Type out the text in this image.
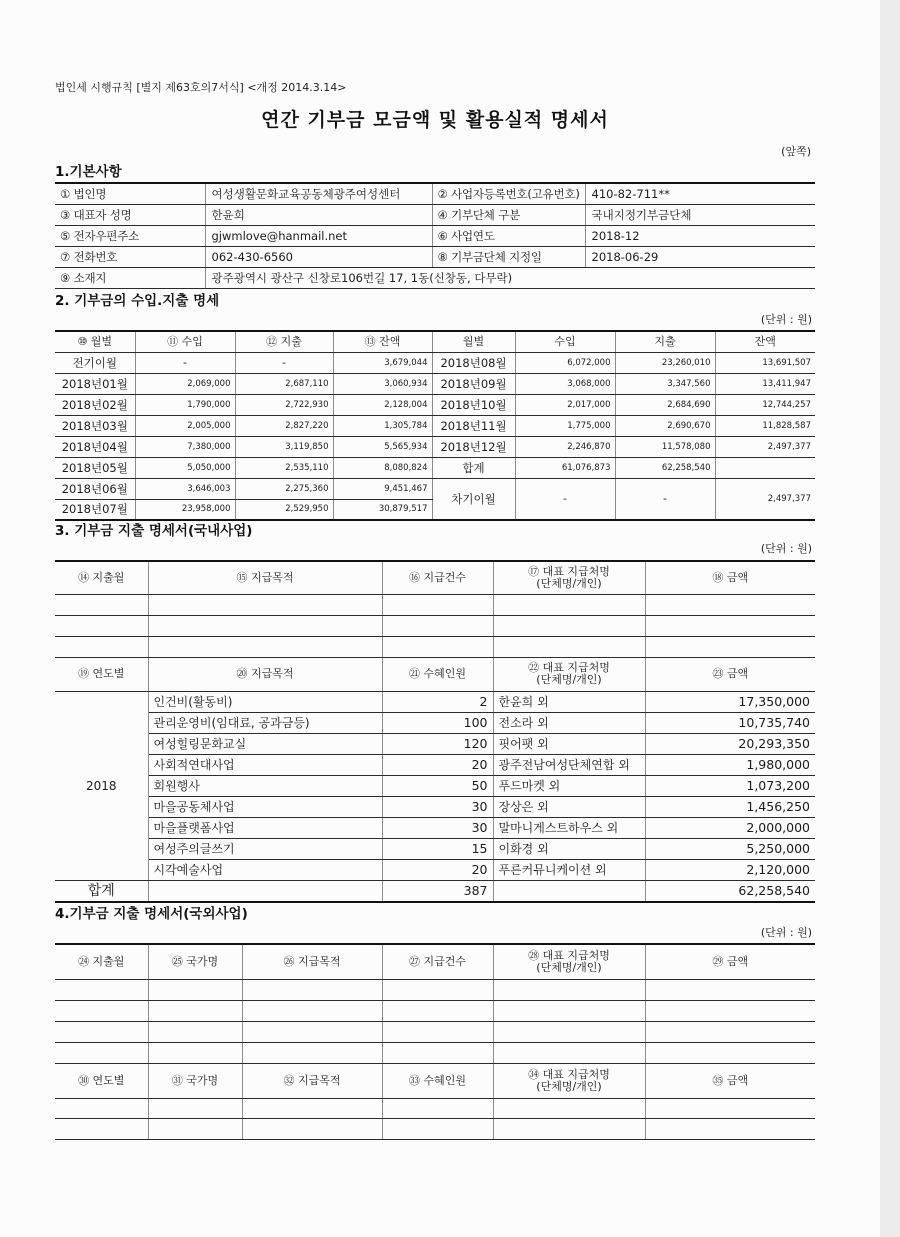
법인세 시행규칙 [별지 제63호의7서식] <개정 2014.3.14>
연간 기부금 모금액 및 활용실적 명세서
(앞쪽)
1.기본사항
① 법인명	여성생활문화교육공동체광주여성센터	② 사업자등록번호(고유번호)	410-82-711**
③ 대표자 성명	한윤희	④ 기부단체 구분	국내지정기부금단체
⑤ 전자우편주소	gjwmlove@hanmail.net	⑥ 사업연도	2018-12
⑦ 전화번호	062-430-6560	⑧ 기부금단체 지정일	2018-06-29
⑨ 소재지	광주광역시 광산구 신창로106번길 17, 1동(신창동, 다무락)		
2. 기부금의 수입.지출 명세
(단위 : 원)
⑩ 월별	⑪ 수입	⑫ 지출	⑬ 잔액	월별	수입	지출	잔액
전기이월	-	-	3,679,044	2018년08월	6,072,000	23,260,010	13,691,507
2018년01월	2,069,000	2,687,110	3,060,934	2018년09월	3,068,000	3,347,560	13,411,947
2018년02월	1,790,000	2,722,930	2,128,004	2018년10월	2,017,000	2,684,690	12,744,257
2018년03월	2,005,000	2,827,220	1,305,784	2018년11월	1,775,000	2,690,670	11,828,587
2018년04월	7,380,000	3,119,850	5,565,934	2018년12월	2,246,870	11,578,080	2,497,377
2018년05월	5,050,000	2,535,110	8,080,824	합계	61,076,873	62,258,540	
2018년06월	3,646,003	2,275,360	9,451,467	차기이월	-	-	2,497,377
2018년07월	23,958,000	2,529,950	30,879,517				
3. 기부금 지출 명세서(국내사업)
(단위 : 원)
⑭ 지출월	⑮ 지급목적	⑯ 지급건수	⑰ 대표 지급처명
(단체명/개인)	⑱ 금액

⑲ 연도별	⑳ 지급목적	㉑ 수혜인원	㉒ 대표 지급처명
(단체명/개인)	㉓ 금액
2018	인건비(활동비)	2	한윤희 외	17,350,000
	관리운영비(임대료, 공과금등)	100	전소라 외	10,735,740
	여성힐링문화교실	120	핏어팻 외	20,293,350
	사회적연대사업	20	광주전남여성단체연합 외	1,980,000
	회원행사	50	푸드마켓 외	1,073,200
	마을공동체사업	30	장상은 외	1,456,250
	마을플랫폼사업	30	말마니게스트하우스 외	2,000,000
	여성주의글쓰기	15	이화경 외	5,250,000
	시각예술사업	20	푸른커뮤니케이션 외	2,120,000
합계		387		62,258,540
4.기부금 지출 명세서(국외사업)
(단위 : 원)
㉔ 지출월	㉕ 국가명	㉖ 지급목적	㉗ 지급건수	㉘ 대표 지급처명
(단체명/개인)	㉙ 금액

㉚ 연도별	㉛ 국가명	㉜ 지급목적	㉝ 수혜인원	㉞ 대표 지급처명
(단체명/개인)	㉟ 금액
